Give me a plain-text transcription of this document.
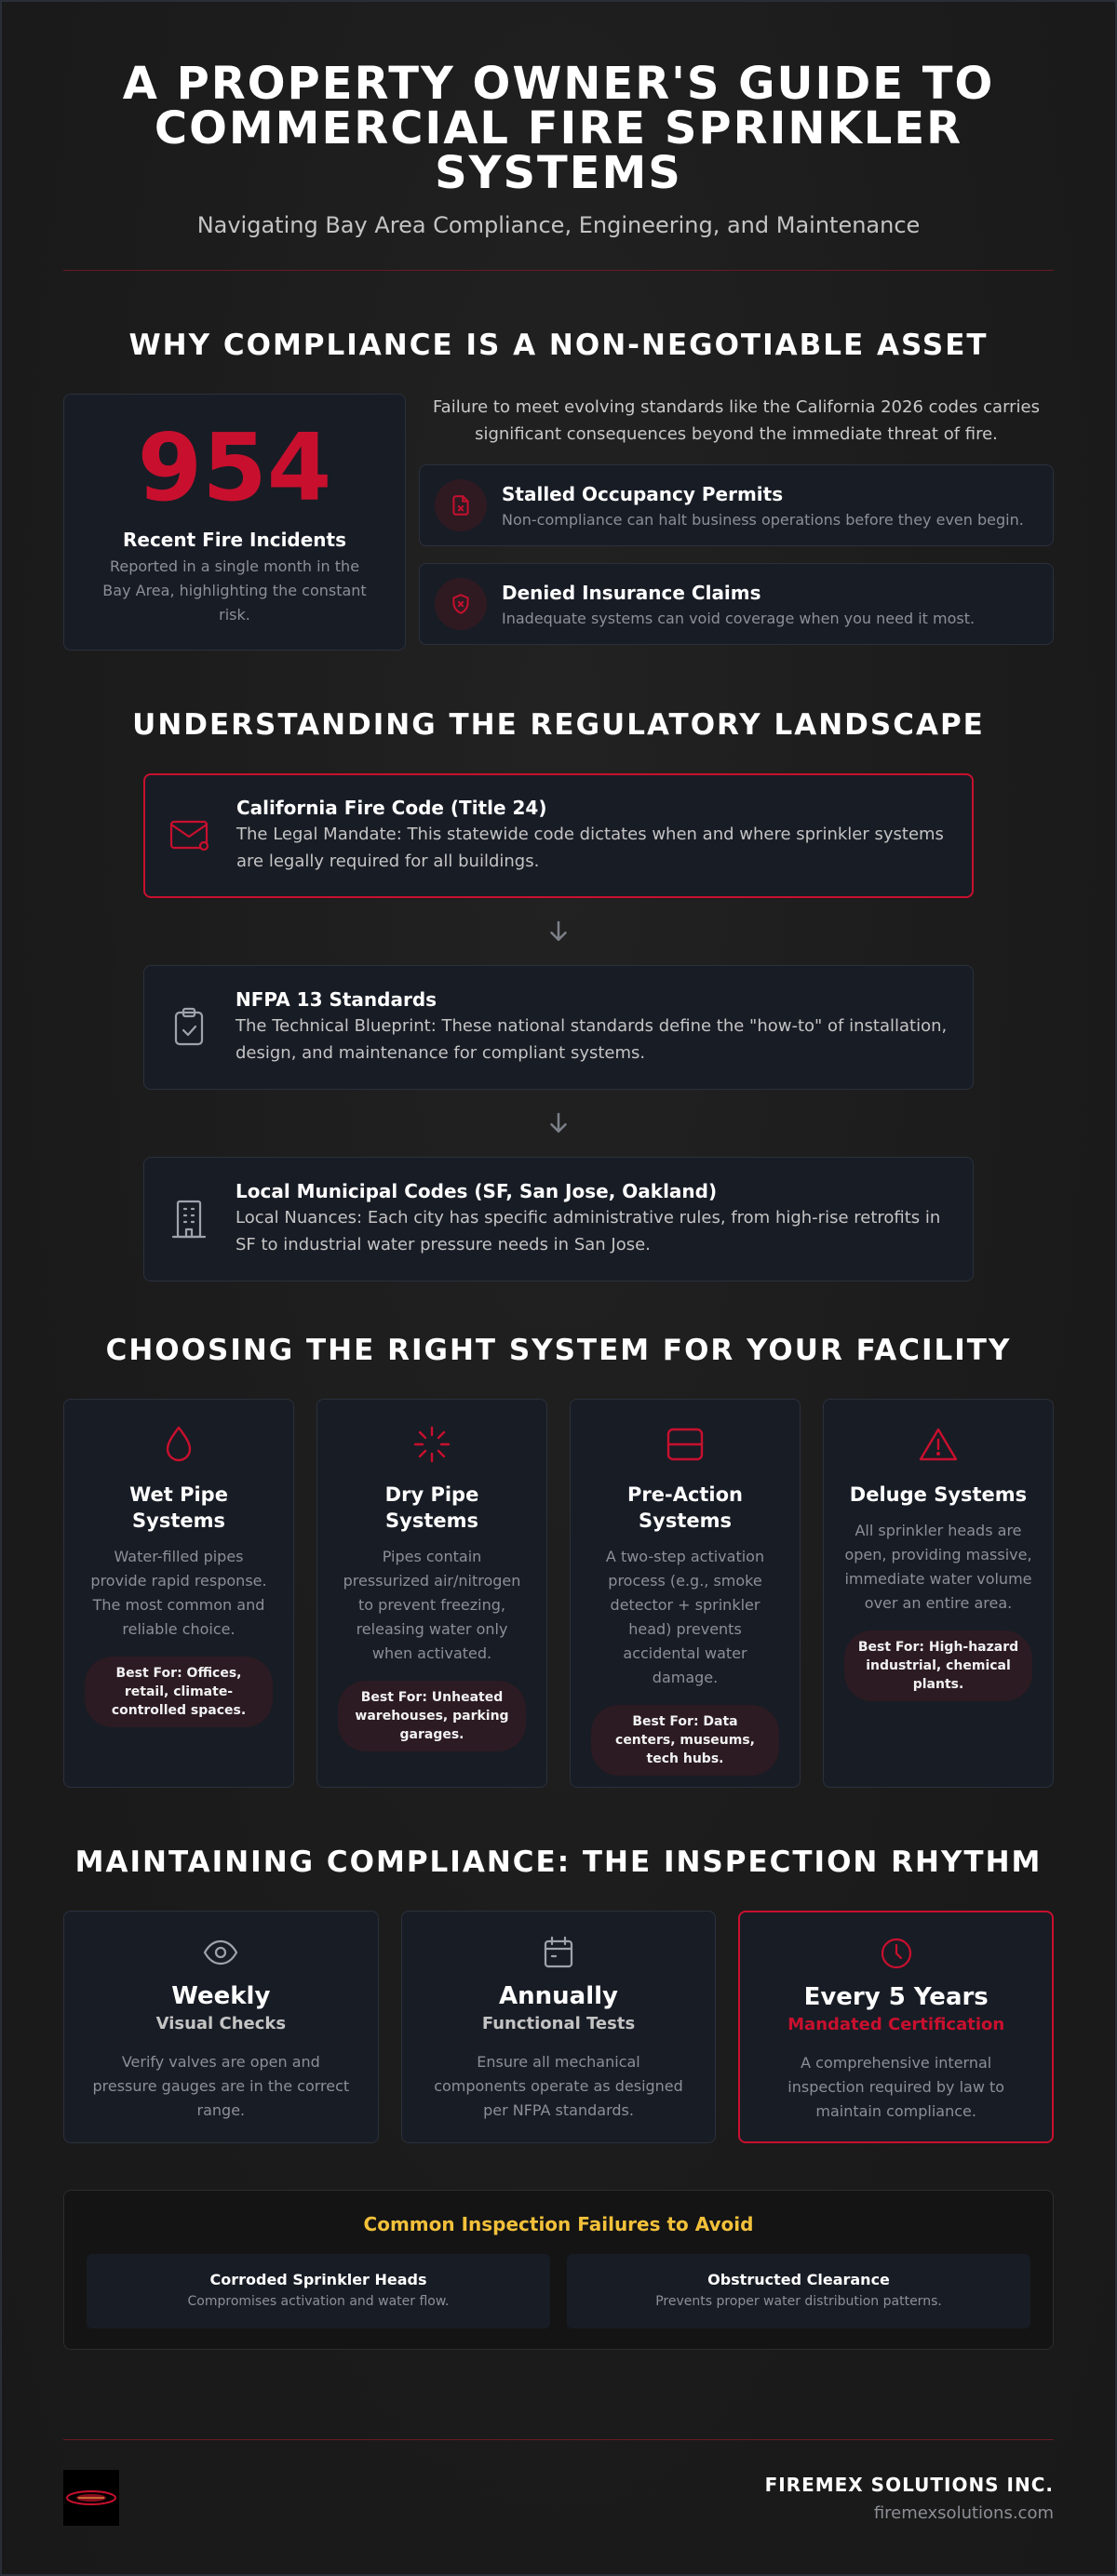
A PROPERTY OWNER'S GUIDE TO
COMMERCIAL FIRE SPRINKLER
SYSTEMS

Navigating Bay Area Compliance, Engineering, and Maintenance

WHY COMPLIANCE IS A NON-NEGOTIABLE ASSET
954
Recent Fire Incidents
Reported in a single month in the Bay Area, highlighting the constant risk.

Failure to meet evolving standards like the California 2026 codes carries significant consequences beyond the immediate threat of fire.

Stalled Occupancy Permits
Non-compliance can halt business operations before they even begin.
Denied Insurance Claims
Inadequate systems can void coverage when you need it most.
UNDERSTANDING THE REGULATORY LANDSCAPE
California Fire Code (Title 24)
The Legal Mandate: This statewide code dictates when and where sprinkler systems are legally required for all buildings.
NFPA 13 Standards
The Technical Blueprint: These national standards define the "how-to" of installation, design, and maintenance for compliant systems.
Local Municipal Codes (SF, San Jose, Oakland)
Local Nuances: Each city has specific administrative rules, from high-rise retrofits in SF to industrial water pressure needs in San Jose.
CHOOSING THE RIGHT SYSTEM FOR YOUR FACILITY
Wet Pipe Systems
Water-filled pipes provide rapid response. The most common and reliable choice.
Best For: Offices, retail, climate-controlled spaces.
Dry Pipe Systems
Pipes contain pressurized air/nitrogen to prevent freezing, releasing water only when activated.
Best For: Unheated warehouses, parking garages.
Pre-Action Systems
A two-step activation process (e.g., smoke detector + sprinkler head) prevents accidental water damage.
Best For: Data centers, museums, tech hubs.
Deluge Systems
All sprinkler heads are open, providing massive, immediate water volume over an entire area.
Best For: High-hazard industrial, chemical plants.
MAINTAINING COMPLIANCE: THE INSPECTION RHYTHM
Weekly
Visual Checks
Verify valves are open and pressure gauges are in the correct range.
Annually
Functional Tests
Ensure all mechanical components operate as designed per NFPA standards.
Every 5 Years
Mandated Certification
A comprehensive internal inspection required by law to maintain compliance.
Common Inspection Failures to Avoid
Corroded Sprinkler Heads
Compromises activation and water flow.
Obstructed Clearance
Prevents proper water distribution patterns.
FIREMEX SOLUTIONS INC.
firemexsolutions.com
